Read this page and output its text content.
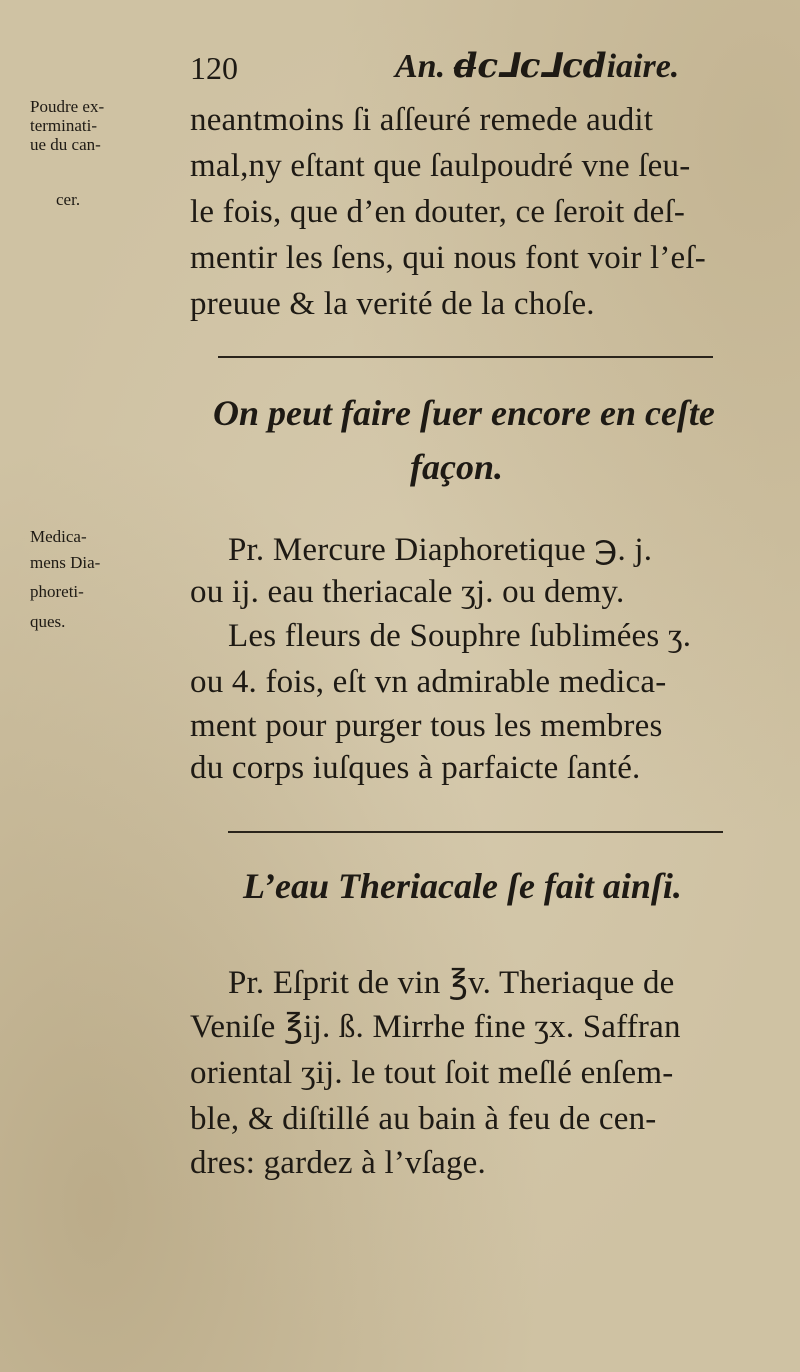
120	An. ⅾ̶ⅽ⅃ⅽ⅃ⅽⅾiaire.
Poudre ex-
terminati-
ue du can-
cer.
neantmoins ſi aſſeuré remede audit
mal,ny eſtant que ſaulpoudré vne ſeu-
le fois, que d’en douter, ce ſeroit deſ-
mentir les ſens, qui nous font voir l’eſ-
preuue & la verité de la choſe.
On peut faire ſuer encore en ceſte
façon.
Medica-
mens Dia-
phoreti-
ques.
Pr. Mercure Diaphoretique ℈. j.
ou ij. eau theriacale ʒj. ou demy.
Les fleurs de Souphre ſublimées ʒ.
ou 4. fois, eſt vn admirable medica-
ment pour purger tous les membres
du corps iuſques à parfaicte ſanté.
L’eau Theriacale ſe fait ainſi.
Pr. Eſprit de vin ℥v. Theriaque de
Veniſe ℥ij. ß. Mirrhe fine ʒx. Saffran
oriental ʒij. le tout ſoit meſlé enſem-
ble, & diſtillé au bain à feu de cen-
dres: gardez à l’vſage.
